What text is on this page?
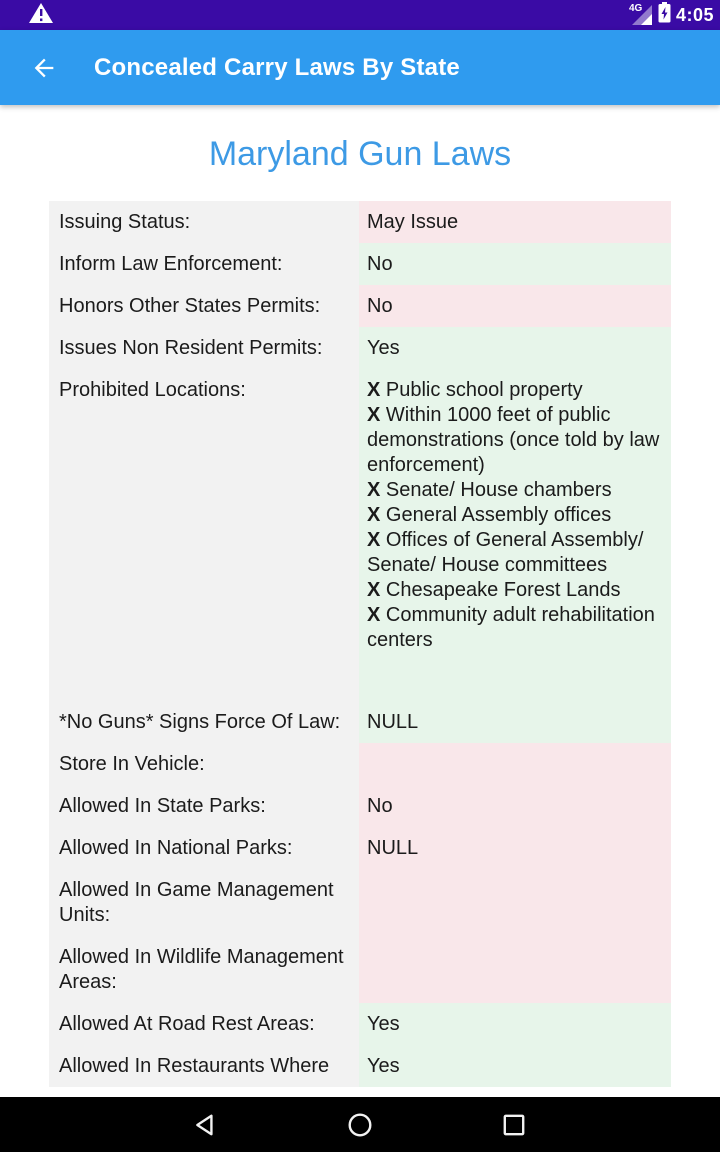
4G 4:05
Concealed Carry Laws By State
Maryland Gun Laws
Issuing Status:	May Issue
Inform Law Enforcement:	No
Honors Other States Permits:	No
Issues Non Resident Permits:	Yes
Prohibited Locations:	X Public school property
X Within 1000 feet of public demonstrations (once told by law enforcement)
X Senate/ House chambers
X General Assembly offices
X Offices of General Assembly/ Senate/ House committees
X Chesapeake Forest Lands
X Community adult rehabilitation centers
*No Guns* Signs Force Of Law:	NULL
Store In Vehicle:
Allowed In State Parks:	No
Allowed In National Parks:	NULL
Allowed In Game Management Units:
Allowed In Wildlife Management Areas:
Allowed At Road Rest Areas:	Yes
Allowed In Restaurants Where	Yes
